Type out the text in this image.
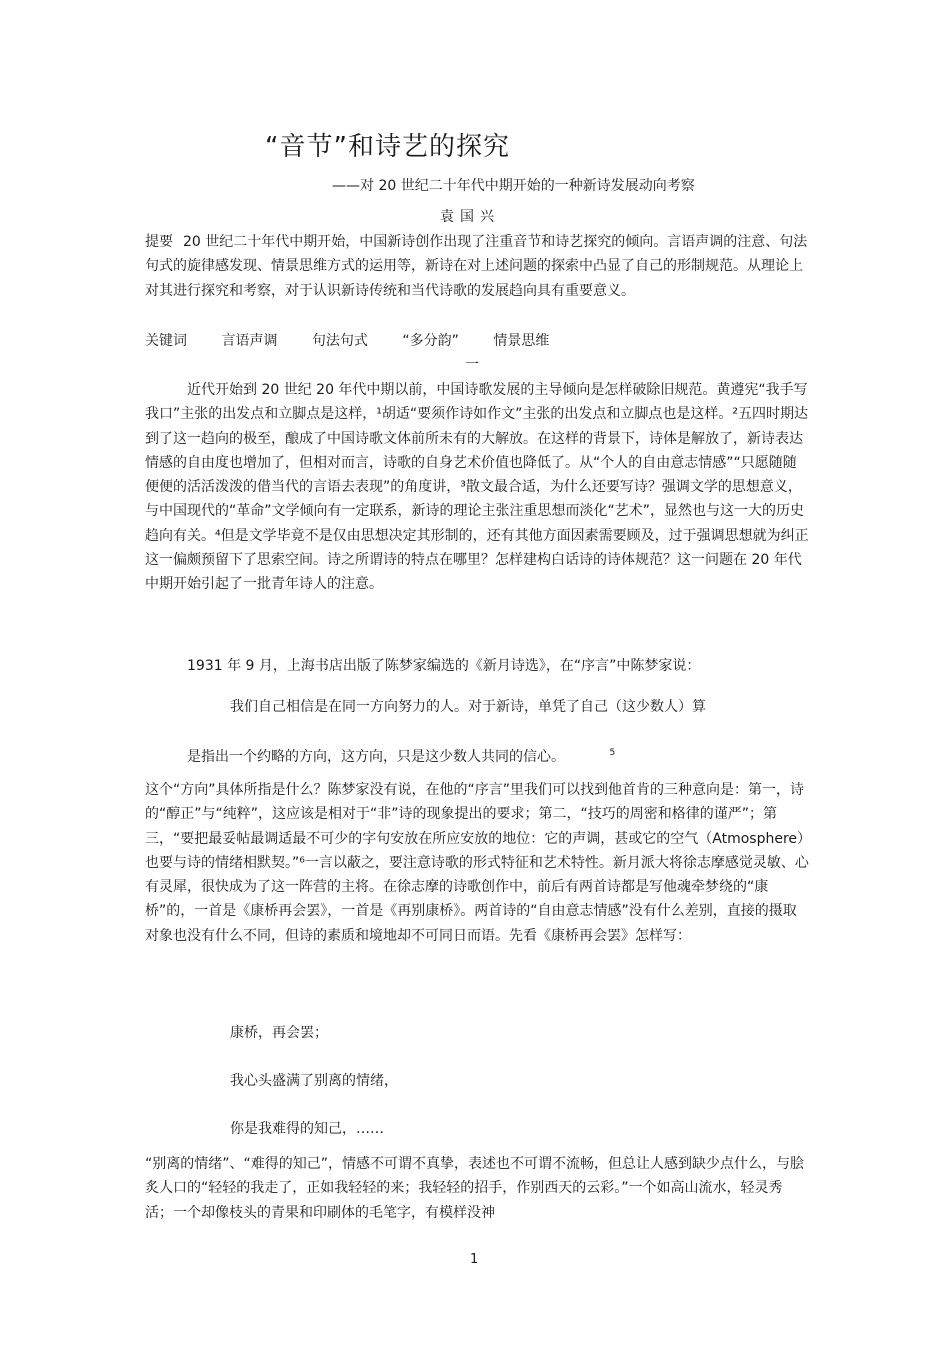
“音节”和诗艺的探究
——对 20 世纪二十年代中期开始的一种新诗发展动向考察
袁国兴

提要 20 世纪二十年代中期开始，中国新诗创作出现了注重音节和诗艺探究的倾向。言语声调的注意、句法句式的旋律感发现、情景思维方式的运用等，新诗在对上述问题的探索中凸显了自己的形制规范。从理论上对其进行探究和考察，对于认识新诗传统和当代诗歌的发展趋向具有重要意义。

关键词 言语声调 句法句式 “多分韵” 情景思维
一

近代开始到 20 世纪 20 年代中期以前，中国诗歌发展的主导倾向是怎样破除旧规范。黄遵宪“我手写我口”主张的出发点和立脚点是这样，¹胡适“要须作诗如作文”主张的出发点和立脚点也是这样。²五四时期达到了这一趋向的极至，酿成了中国诗歌文体前所未有的大解放。在这样的背景下，诗体是解放了，新诗表达情感的自由度也增加了，但相对而言，诗歌的自身艺术价值也降低了。从“个人的自由意志情感”“只愿随随便便的活活泼泼的借当代的言语去表现”的角度讲，³散文最合适，为什么还要写诗？强调文学的思想意义，与中国现代的“革命”文学倾向有一定联系，新诗的理论主张注重思想而淡化“艺术”，显然也与这一大的历史趋向有关。⁴但是文学毕竟不是仅由思想决定其形制的，还有其他方面因素需要顾及，过于强调思想就为纠正这一偏颇预留下了思索空间。诗之所谓诗的特点在哪里？怎样建构白话诗的诗体规范？这一问题在 20 年代中期开始引起了一批青年诗人的注意。

1931 年 9 月，上海书店出版了陈梦家编选的《新月诗选》，在“序言”中陈梦家说：

我们自己相信是在同一方向努力的人。对于新诗，单凭了自己（这少数人）算
是指出一个约略的方向，这方向，只是这少数人共同的信心。	$^5$

这个“方向”具体所指是什么？陈梦家没有说，在他的“序言”里我们可以找到他首肯的三种意向是：第一，诗的“醇正”与“纯粹”，这应该是相对于“非”诗的现象提出的要求；第二，“技巧的周密和格律的谨严”；第三，“要把最妥帖最调适最不可少的字句安放在所应安放的地位：它的声调，甚或它的空气（Atmosphere）也要与诗的情绪相默契。”⁶一言以蔽之，要注意诗歌的形式特征和艺术特性。新月派大将徐志摩感觉灵敏、心有灵犀，很快成为了这一阵营的主将。在徐志摩的诗歌创作中，前后有两首诗都是写他魂牵梦绕的“康桥”的，一首是《康桥再会罢》，一首是《再别康桥》。两首诗的“自由意志情感”没有什么差别，直接的摄取对象也没有什么不同，但诗的素质和境地却不可同日而语。先看《康桥再会罢》怎样写：

康桥，再会罢；
我心头盛满了别离的情绪，
你是我难得的知己，……

“别离的情绪”、“难得的知己”，情感不可谓不真挚，表述也不可谓不流畅，但总让人感到缺少点什么，与脍炙人口的“轻轻的我走了，正如我轻轻的来；我轻轻的招手，作别西天的云彩。”一个如高山流水，轻灵秀活；一个却像枝头的青果和印刷体的毛笔字，有模样没神

1
